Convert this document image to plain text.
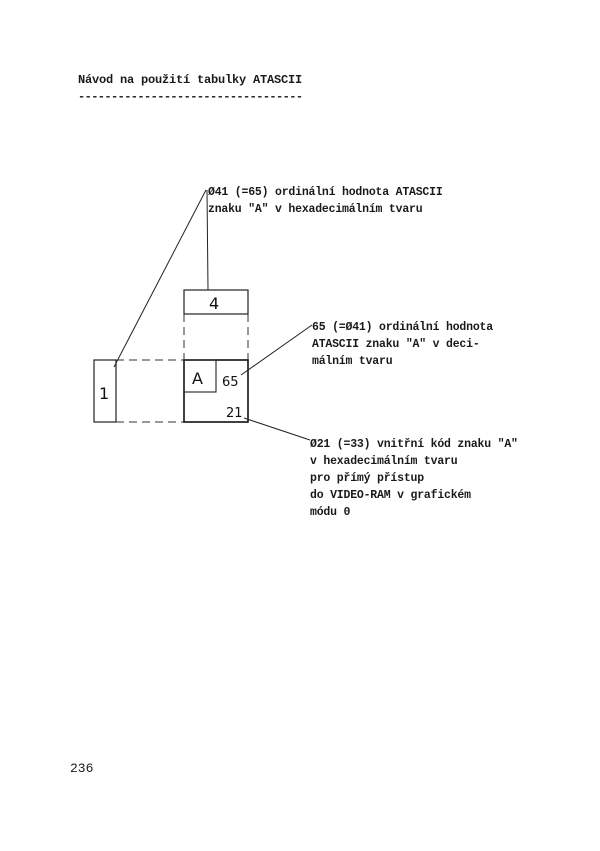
Návod na použití tabulky ATASCII
----------------------------------
1
4
A 65
21
Ø41 (=65) ordinální hodnota ATASCII
znaku "A" v hexadecimálním tvaru
65 (=Ø41) ordinální hodnota
ATASCII znaku "A" v deci-
málním tvaru
Ø21 (=33) vnitřní kód znaku "A"
v hexadecimálním tvaru
pro přímý přístup
do VIDEO-RAM v grafickém
módu 0
236
